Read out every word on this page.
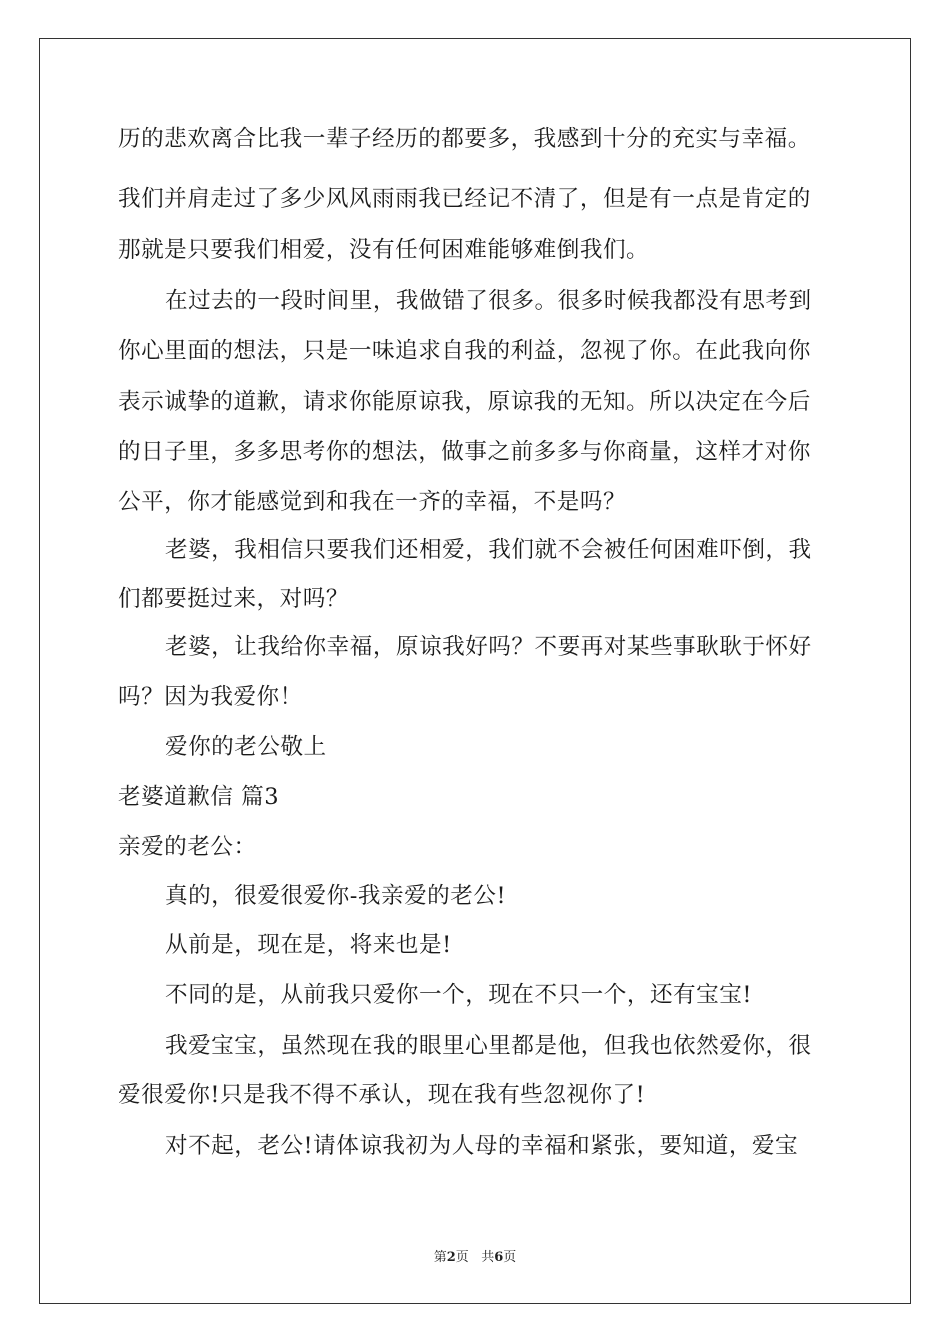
历的悲欢离合比我一辈子经历的都要多，我感到十分的充实与幸福。
我们并肩走过了多少风风雨雨我已经记不清了，但是有一点是肯定的
那就是只要我们相爱，没有任何困难能够难倒我们。
在过去的一段时间里，我做错了很多。很多时候我都没有思考到
你心里面的想法，只是一味追求自我的利益，忽视了你。在此我向你
表示诚挚的道歉，请求你能原谅我，原谅我的无知。所以决定在今后
的日子里，多多思考你的想法，做事之前多多与你商量，这样才对你
公平，你才能感觉到和我在一齐的幸福，不是吗？
老婆，我相信只要我们还相爱，我们就不会被任何困难吓倒，我
们都要挺过来，对吗？
老婆，让我给你幸福，原谅我好吗？不要再对某些事耿耿于怀好
吗？因为我爱你！
爱你的老公敬上
老婆道歉信 篇3
亲爱的老公：
真的，很爱很爱你-我亲爱的老公!
从前是，现在是，将来也是!
不同的是，从前我只爱你一个，现在不只一个，还有宝宝!
我爱宝宝，虽然现在我的眼里心里都是他，但我也依然爱你，很
爱很爱你!只是我不得不承认，现在我有些忽视你了!
对不起，老公!请体谅我初为人母的幸福和紧张，要知道，爱宝
第2页   共6页
